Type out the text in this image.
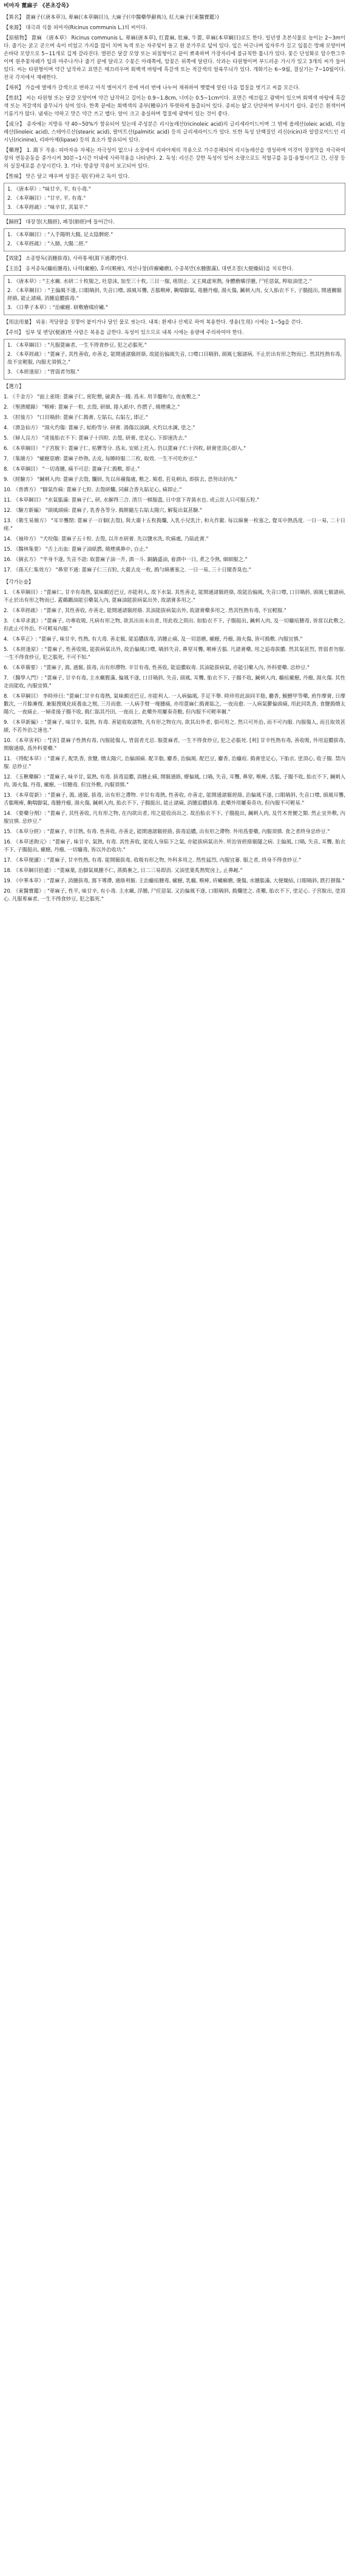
비마자 蓖麻子 《본초강목》
【異名】 蓖麻子(《唐本草》), 萆麻(《本草綱目》), 大麻子(《中醫藥學辭典》), 紅大麻子(《東醫寶鑑》)
【來源】 대극과 식물 피마자(Ricinus communis L.)의 씨이다.
【原植物】 蓖麻 《唐本草》 Ricinus communis L. 萆麻(唐本草), 红蓖麻, 肚麻, 牛蓖, 草麻(本草綱目)로도 한다. 일년생 초본식물로 높이는 2~3m이다. 줄기는 굵고 곧으며 속이 비었고 가지를 많이 치며 녹색 또는 자주빛이 돌고 흰 분가루로 덮여 있다. 잎은 어긋나며 잎자루가 길고 잎몸은 방패 모양이며 손바닥 모양으로 5~11개로 깊게 갈라진다. 열편은 달걀 모양 또는 피침형이고 끝이 뾰족하며 가장자리에 불규칙한 톱니가 있다. 꽃은 단성화로 암수한그루이며 원추꽃차례가 잎과 마주나거나 줄기 끝에 달리고 수꽃은 아래쪽에, 암꽃은 위쪽에 달린다. 삭과는 타원형이며 부드러운 가시가 있고 3개의 씨가 들어 있다. 씨는 타원형이며 약간 납작하고 표면은 매끄러우며 회백색 바탕에 흑갈색 또는 적갈색의 얼룩무늬가 있다. 개화기는 6~9월, 결실기는 7~10월이다. 전국 각지에서 재배한다.
【채취】 가을에 열매가 갈색으로 변하고 아직 벌어지기 전에 여러 번에 나누어 채취하여 햇볕에 말린 다음 껍질을 벗기고 씨를 모은다.
【性狀】 씨는 타원형 또는 달걀 모양이며 약간 납작하고 길이는 0.9~1.8cm, 너비는 0.5~1cm이다. 표면은 매끄럽고 광택이 있으며 회백색 바탕에 흑갈색 또는 적갈색의 줄무늬가 섞여 있다. 한쪽 끝에는 회백색의 종부(種阜)가 뚜렷하게 돌출되어 있다. 종피는 얇고 단단하며 부서지기 쉽다. 종인은 흰색이며 기름기가 많다. 냄새는 약하고 맛은 약간 쓰고 맵다. 알이 크고 충실하며 껍질에 광택이 있는 것이 좋다.
【成分】 종자에는 지방유 약 40~50%가 함유되어 있는데 주성분은 리시놀레산(ricinoleic acid)의 글리세라이드이며 그 밖에 올레산(oleic acid), 리놀레산(linoleic acid), 스테아르산(stearic acid), 팔미트산(palmitic acid) 등의 글리세라이드가 있다. 또한 독성 단백질인 리신(ricin)과 알칼로이드인 리시닌(ricinine), 리파아제(lipase) 등의 효소가 함유되어 있다.
【藥理】 1. 瀉下 작용: 피마자유 자체는 자극성이 없으나 소장에서 리파아제의 작용으로 가수분해되어 리시놀레산을 생성하며 이것이 장점막을 자극하여 장의 연동운동을 증가시켜 30분~1시간 이내에 사하작용을 나타낸다. 2. 독성: 리신은 강한 독성이 있어 소량으로도 적혈구를 응집·용혈시키고 간, 신장 등의 실질세포를 손상시킨다. 3. 기타: 항종양 작용이 보고되어 있다.
【性味】 맛은 달고 매우며 성질은 평(平)하고 독이 있다.
1. 《唐本草》: "味甘辛, 平, 有小毒."
2. 《本草綱目》: "甘辛, 平, 有毒."
3. 《本草經疏》: "味辛甘, 其氣平."
【歸經】 대장경(大腸經), 폐경(肺經)에 들어간다.
1. 《本草綱目》: "入手陽明大腸, 足太陰脾經."
2. 《本草經疏》: "入肺, 大腸二經."
【效能】 소종발독(消腫拔毒), 사하통체(瀉下通滯)한다.
【主治】 옹저종독(癰疽腫毒), 나력(瘰癧), 후비(喉痺), 개선나창(疥癬癩瘡), 수종복만(水腫腹滿), 대변조결(大便燥結)을 치료한다.
1. 《唐本草》: "主水癥. 水研二十枚服之, 吐惡沫, 加至三十枚, 三日一服, 瘥則止. 又主風虛寒熱, 身體瘡癢浮腫, 尸疰惡氣, 榨取油塗之."
2. 《本草綱目》: "主偏風不遂, 口眼喎斜, 失音口噤, 頭風耳聾, 舌脹喉痺, 齁喘脚氣, 毒腫丹瘤, 湯火傷, 鍼刺入肉, 女人胎衣不下, 子腸挺出, 開通關竅經絡, 能止諸痛, 消腫追膿拔毒."
3. 《日華子本草》: "治瘰癧. 研敷瘡痍疥癩."
【用法用量】 외용: 적당량을 짓찧어 붙이거나 달인 물로 씻는다. 내복: 환제나 산제로 하여 복용한다. 생용(生用) 시에는 1~5g을 쓴다.
【주의】 임부 및 변당(便溏)한 사람은 복용을 금한다. 독성이 있으므로 내복 시에는 용량에 주의하여야 한다.
1. 《本草綱目》: "凡服蓖麻者, 一生不得食炒豆, 犯之必脹死."
2. 《本草經疏》: "蓖麻子, 其性善收, 亦善走, 能開通諸竅經絡, 故能治偏風失音, 口噤口目喎斜, 頭風七竅諸病, 不止於出有形之物而已. 然其性熱有毒, 故不宜輕服, 內服尤須慎之."
3. 《本經逢原》: "胃弱者勿服."
【選方】
1. 《千金方》 "面上雀斑: 蓖麻子仁, 密陀僧, 硫黃各一錢. 爲末. 用羊髓和勻, 夜夜敷之."
2. 《聖濟總錄》 "喉痺: 蓖麻子一粒, 去殼, 研細, 捲入紙中, 作撚子, 燒煙熏之."
3. 《肘後方》 "口目喎斜: 蓖麻子仁搗膏, 左貼右, 右貼左, 即正."
4. 《濟急仙方》 "湯火灼傷: 蓖麻子, 蛤粉等分. 研膏. 湯傷以油調, 火灼以水調, 塗之."
5. 《婦人良方》 "產後胎衣不下: 蓖麻子十四粒. 去殼, 研膏, 塗足心, 下即速洗去."
6. 《本草綱目》 "子宮脫下: 蓖麻子仁, 枯礬等分. 爲末, 安紙上托入. 仍以蓖麻子仁十四枚, 研膏塗頂心即入."
7. 《集簡方》 "瘰癧惡瘡: 蓖麻子炒熟, 去皮, 每睡時服二三枚, 取效. 一生不可吃炒豆."
8. 《本草綱目》 "一切毒腫, 痛不可忍: 蓖麻子仁搗敷, 即止."
9. 《經驗方》 "鍼刺入肉: 蓖麻子去殼, 爛研, 先以帛襯傷處, 敷之. 頻看, 若見刺出, 即拔去, 恐努出好肉."
10. 《普濟方》 "脚氣作痛: 蓖麻子七粒. 去殼研爛, 同蘇合香丸貼足心, 痛即止."
11. 《本草綱目》 "水氣脹滿: 蓖麻子仁, 研, 水解得三合. 清旦一頓服盡, 日中當下青黃水也. 或云壯人只可服五粒."
12. 《驗方新編》 "頭風頭痛: 蓖麻子, 乳香各等分. 搗餅隨左右貼太陽穴, 解髮出氣甚驗."
13. 《衛生易簡方》 "耳卒聾閉: 蓖麻子一百個(去殼), 與大棗十五枚搗爛, 入乳小兒乳汁, 和丸作鋌. 每以綿裹一枚塞之, 覺耳中熱爲度. 一日一易, 二十日瘥."
14. 《袖珍方》 "犬咬傷: 蓖麻子五十粒. 去殼, 以井水研膏. 先以鹽水洗, 吹痛處, 乃貼此膏."
15. 《醫林集要》 "舌上出血: 蓖麻子油紙撚, 燒煙熏鼻中, 自止."
16. 《摘玄方》 "半身不遂, 失音不語: 取蓖麻子油一升, 酒一斗. 銅鍋盛油, 着酒中一日, 煮之令熟, 細細服之."
17. 《孫天仁集效方》 "鼻窒不通: 蓖麻子仁三百粒, 大棗去皮一枚, 搗勻綿裹塞之. 一日一易, 三十日聞香臭也."
【각가논술】
1. 《本草綱目》: "蓖麻仁, 甘辛有毒熱, 氣味頗近巴豆, 亦能利人, 故下水氣. 其性善走, 能開通諸竅經絡, 故能治偏風, 失音口噤, 口目喎斜, 頭風七竅諸病, 不止於出有形之物而已. 蓋鵜鶘油能引藥氣入內, 蓖麻油能拔病氣出外, 故諸膏多用之."
2. 《本草經疏》: "蓖麻子, 其性善收, 亦善走, 能開通諸竅經絡. 其油能拔病氣出外, 故諸膏藥多用之. 然其性熱有毒, 不宜輕服."
3. 《本草求眞》: "蓖麻子, 功專收吸, 凡病有形之物, 欲其出而未出者, 用此收之則出. 如胎衣不下, 子腸挺出, 鍼刺入肉, 及一切癰疽腫毒, 皆當以此敷之. 但此止可外治, 不可輕易內服."
4. 《本草正》: "蓖麻子, 味甘辛, 性熱, 有大毒. 善走竅, 能追膿拔毒, 消腫止痛, 及一切惡瘡, 瘰癧, 丹瘤, 湯火傷, 皆可搗敷. 內服宜慎."
5. 《本經逢原》: "蓖麻子, 性善收吸, 能拔病氣出外, 故治偏風口噤, 喎斜失音, 鼻窒耳聾, 喉痺舌脹. 凡諸膏藥, 用之追毒拔膿. 然其氣甚烈, 胃弱者勿服. 一生不得食炒豆, 犯之脹死, 不可不知."
6. 《本草備要》: "蓖麻子, 瀉, 通竅, 拔毒, 出有形滯物. 辛甘有毒, 性善收, 能追膿取毒. 其油能拔病氣, 亦能引藥入內, 外科要藥. 忌炒豆."
7. 《醫學入門》: "蓖麻子, 甘辛有毒, 主水癥腹滿, 偏風不遂, 口目喎斜, 失音, 頭風, 耳聾, 胎衣不下, 子腸不收, 鍼刺入肉, 癰疽瘰癧, 丹瘤, 湯火傷. 其性走而能收, 內服宜慎."
8. 《本草綱目》 李時珍曰: "蓖麻仁甘辛有毒熱, 氣味頗近巴豆, 亦能利人. 一人病偏風, 手足不舉. 時珍用此油同羊脂, 麝香, 鯪鯉甲等藥, 煎作摩膏, 日摩數次, 一月餘漸復. 兼服搜風化痰養血之劑, 三月而愈. 一人病手臂一塊腫痛, 亦用蓖麻仁搗膏貼之, 一夜而愈. 一人病氣鬱偏頭痛, 用此同乳香, 食鹽搗熁太陽穴, 一夜痛止. 一婦產後子腸不收, 搗仁貼其丹田, 一夜而上. 此藥外用屢奏奇勳, 但內服不可輕率爾."
9. 《本草新編》: "蓖麻子, 味甘辛, 氣熱, 有毒. 善能收取諸物, 凡有形之物在內, 欲其出外者, 俱可用之. 然只可外治, 而不可內服. 內服傷人, 而且取效甚緩, 不若外治之速也."
10. 《本草害利》: "[害] 蓖麻子性熱有毒, 內服能傷人, 胃弱者尤忌. 服蓖麻者, 一生不得食炒豆, 犯之必脹死. [利] 甘辛性熱有毒, 善收吸, 外用追膿拔毒, 開竅通絡, 爲外科要藥."
11. 《得配本草》: "蓖麻子, 配乳香, 食鹽, 熁太陽穴, 治偏頭痛. 配羊脂, 麝香, 治偏風. 配巴豆, 麝香, 治癰疽. 搗膏塗足心, 下胎衣. 塗頂心, 收子腸. 禁內服. 忌炒豆."
12. 《玉楸藥解》: "蓖麻子, 味辛甘, 氣熱, 有毒. 拔毒追膿, 消腫止痛, 開竅通絡, 療偏風, 口喎, 失音, 耳聾, 鼻窒, 喉痺, 舌脹, 子腸不收, 胎衣不下, 鍼刺入肉, 湯火傷, 丹毒, 瘰癧, 一切腫毒. 但宜外敷, 內服須慎."
13. 《本草從新》: "蓖麻子, 瀉, 通竅, 拔毒, 出有形之滯物. 辛甘有毒熱, 性善收, 亦善走, 能開通諸竅經絡, 治偏風不遂, 口眼喎斜, 失音口噤, 頭風耳聾, 舌脹喉痺, 齁喘脚氣, 毒腫丹瘤, 湯火傷, 鍼刺入肉, 胎衣不下, 子腸挺出, 能止諸痛, 消腫追膿拔毒. 此藥外用屢奏奇功, 但內服不可輕易."
14. 《要藥分劑》: "蓖麻子, 其性善收, 凡有形之物, 在內欲出者, 用之能收而出之. 故治胎衣不下, 子腸挺出, 鍼刺入肉, 及竹木骨鯁之類. 然止宜外敷, 內服宜慎. 忌炒豆."
15. 《本草分經》: "蓖麻子, 辛甘熱, 有毒. 性善收, 亦善走, 能開通諸竅經絡, 拔毒追膿, 出有形之滯物. 外用爲要藥, 內服須慎. 食之者終身忌炒豆."
16. 《本草述鉤元》: "蓖麻子, 味甘辛, 氣熱, 有毒. 其性善收, 能收人身陷下之氣, 亦能拔病氣出外. 所治皆經絡竅隧之病. 主偏風, 口喎, 失音, 耳聾, 胎衣不下, 子腸挺出, 瘰癧, 丹瘤, 一切癰毒, 皆以外治收功."
17. 《本草便讀》: "蓖麻子, 甘辛性熱, 有毒. 能開竅拔毒, 收吸有形之物, 外科多用之. 然性猛烈, 內服宜審. 服之者, 終身不得食炒豆."
18. 《本草綱目拾遺》: "蓖麻葉, 治脚氣風腫不仁, 蒸搗裹之, 日二三易即消. 又油塗葉炙熱熨囟上, 止鼻衄."
19. 《中華本草》: "蓖麻子, 消腫拔毒, 瀉下導滯, 通絡利竅. 主治癰疽腫毒, 瘰癧, 乳癰, 喉痺, 疥癩癬瘡, 燙傷, 水腫脹滿, 大便燥結, 口眼喎斜, 跌打損傷."
20. 《東醫寶鑑》: "萆麻子, 性平, 味甘辛, 有小毒. 主水癥, 浮腫, 尸疰惡氣. 又治偏風不遂, 口眼喎斜, 搗爛塗之. 產難, 胎衣不下, 塗足心. 子宮脫出, 塗頂心. 凡服萆麻者, 一生不得食炒豆, 犯之脹死."
